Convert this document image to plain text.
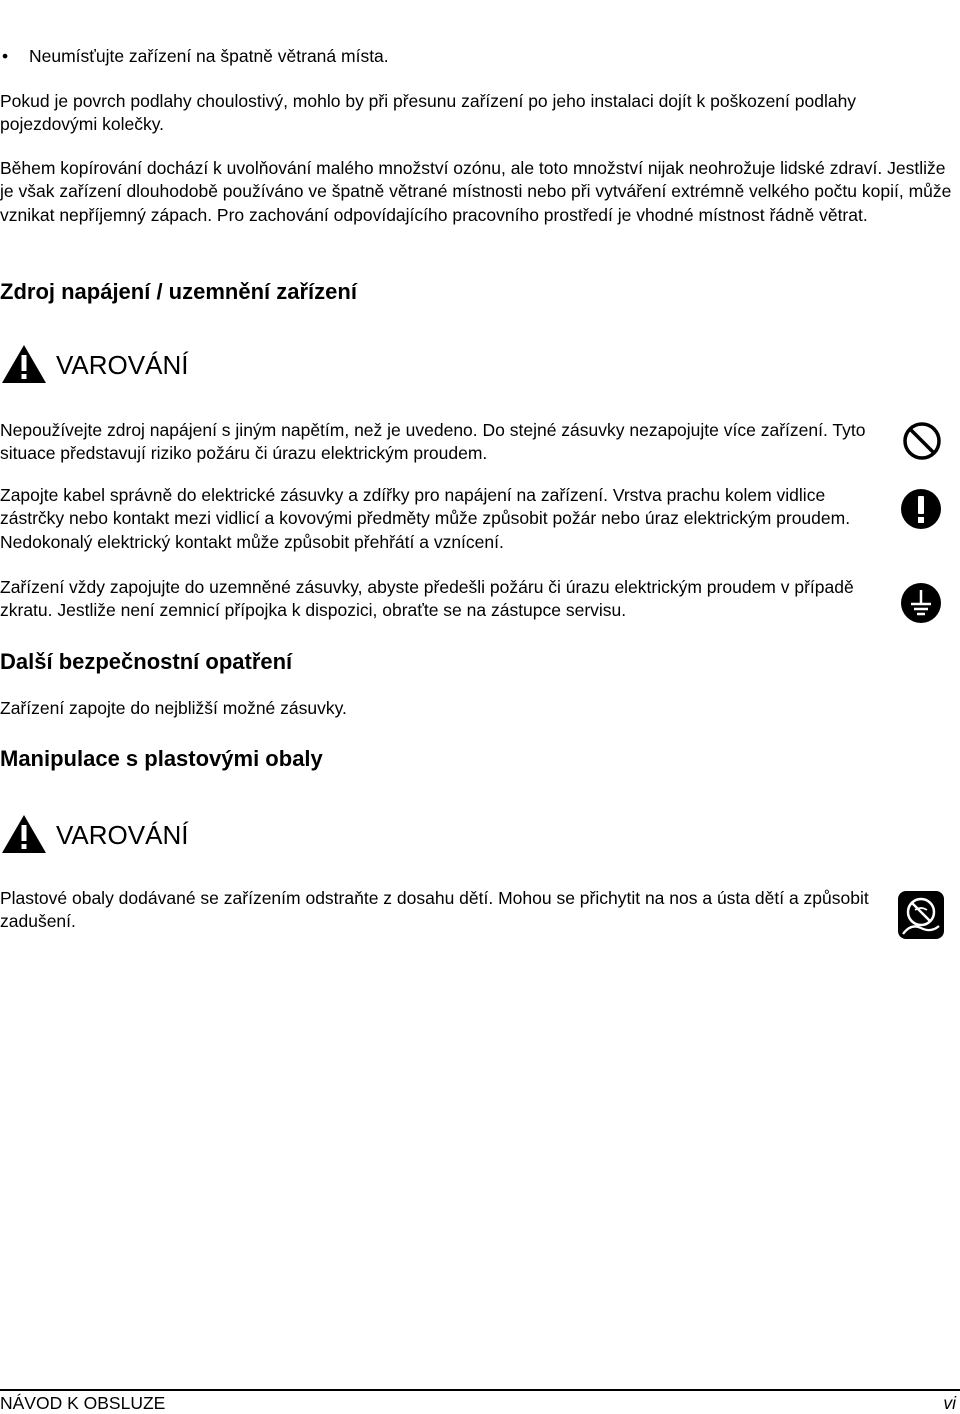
• Neumísťujte zařízení na špatně větraná místa.

Pokud je povrch podlahy choulostivý, mohlo by při přesunu zařízení po jeho instalaci dojít k poškození podlahy pojezdovými kolečky.

Během kopírování dochází k uvolňování malého množství ozónu, ale toto množství nijak neohrožuje lidské zdraví. Jestliže je však zařízení dlouhodobě používáno ve špatně větrané místnosti nebo při vytváření extrémně velkého počtu kopií, může vznikat nepříjemný zápach. Pro zachování odpovídajícího pracovního prostředí je vhodné místnost řádně větrat.

Zdroj napájení / uzemnění zařízení
VAROVÁNÍ

Nepoužívejte zdroj napájení s jiným napětím, než je uvedeno. Do stejné zásuvky nezapojujte více zařízení. Tyto situace představují riziko požáru či úrazu elektrickým proudem.

Zapojte kabel správně do elektrické zásuvky a zdířky pro napájení na zařízení. Vrstva prachu kolem vidlice zástrčky nebo kontakt mezi vidlicí a kovovými předměty může způsobit požár nebo úraz elektrickým proudem. Nedokonalý elektrický kontakt může způsobit přehřátí a vznícení.

Zařízení vždy zapojujte do uzemněné zásuvky, abyste předešli požáru či úrazu elektrickým proudem v případě zkratu. Jestliže není zemnicí přípojka k dispozici, obraťte se na zástupce servisu.

Další bezpečnostní opatření

Zařízení zapojte do nejbližší možné zásuvky.

Manipulace s plastovými obaly
VAROVÁNÍ

Plastové obaly dodávané se zařízením odstraňte z dosahu dětí. Mohou se přichytit na nos a ústa dětí a způsobit zadušení.

NÁVOD K OBSLUZE	vi
